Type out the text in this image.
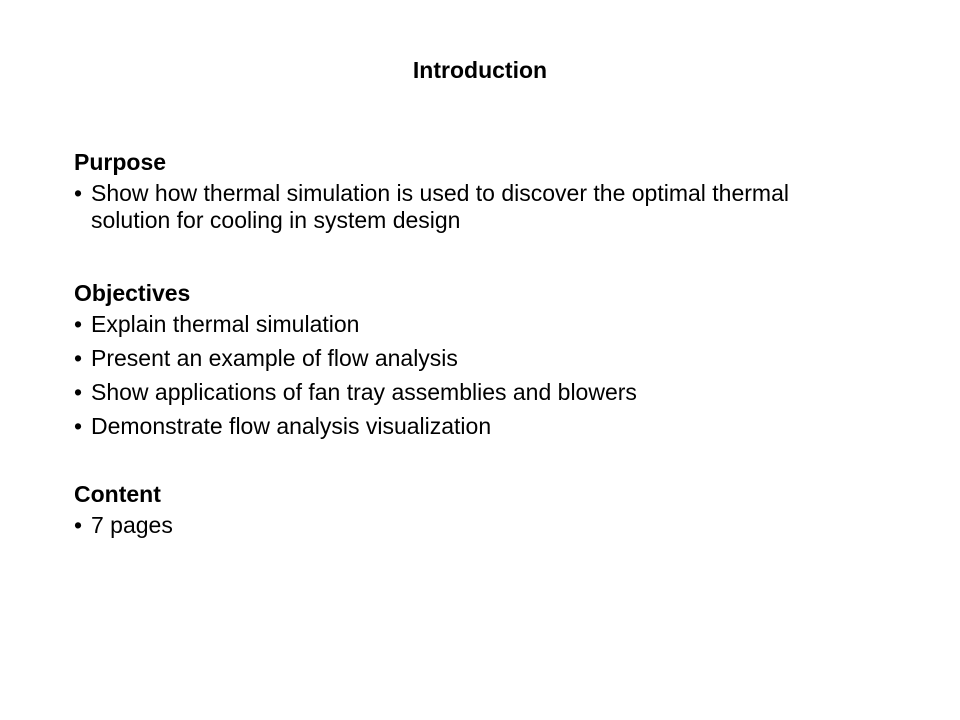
Introduction
Purpose
• Show how thermal simulation is used to discover the optimal thermal solution for cooling in system design
Objectives
• Explain thermal simulation
• Present an example of flow analysis
• Show applications of fan tray assemblies and blowers
• Demonstrate flow analysis visualization
Content
• 7 pages
